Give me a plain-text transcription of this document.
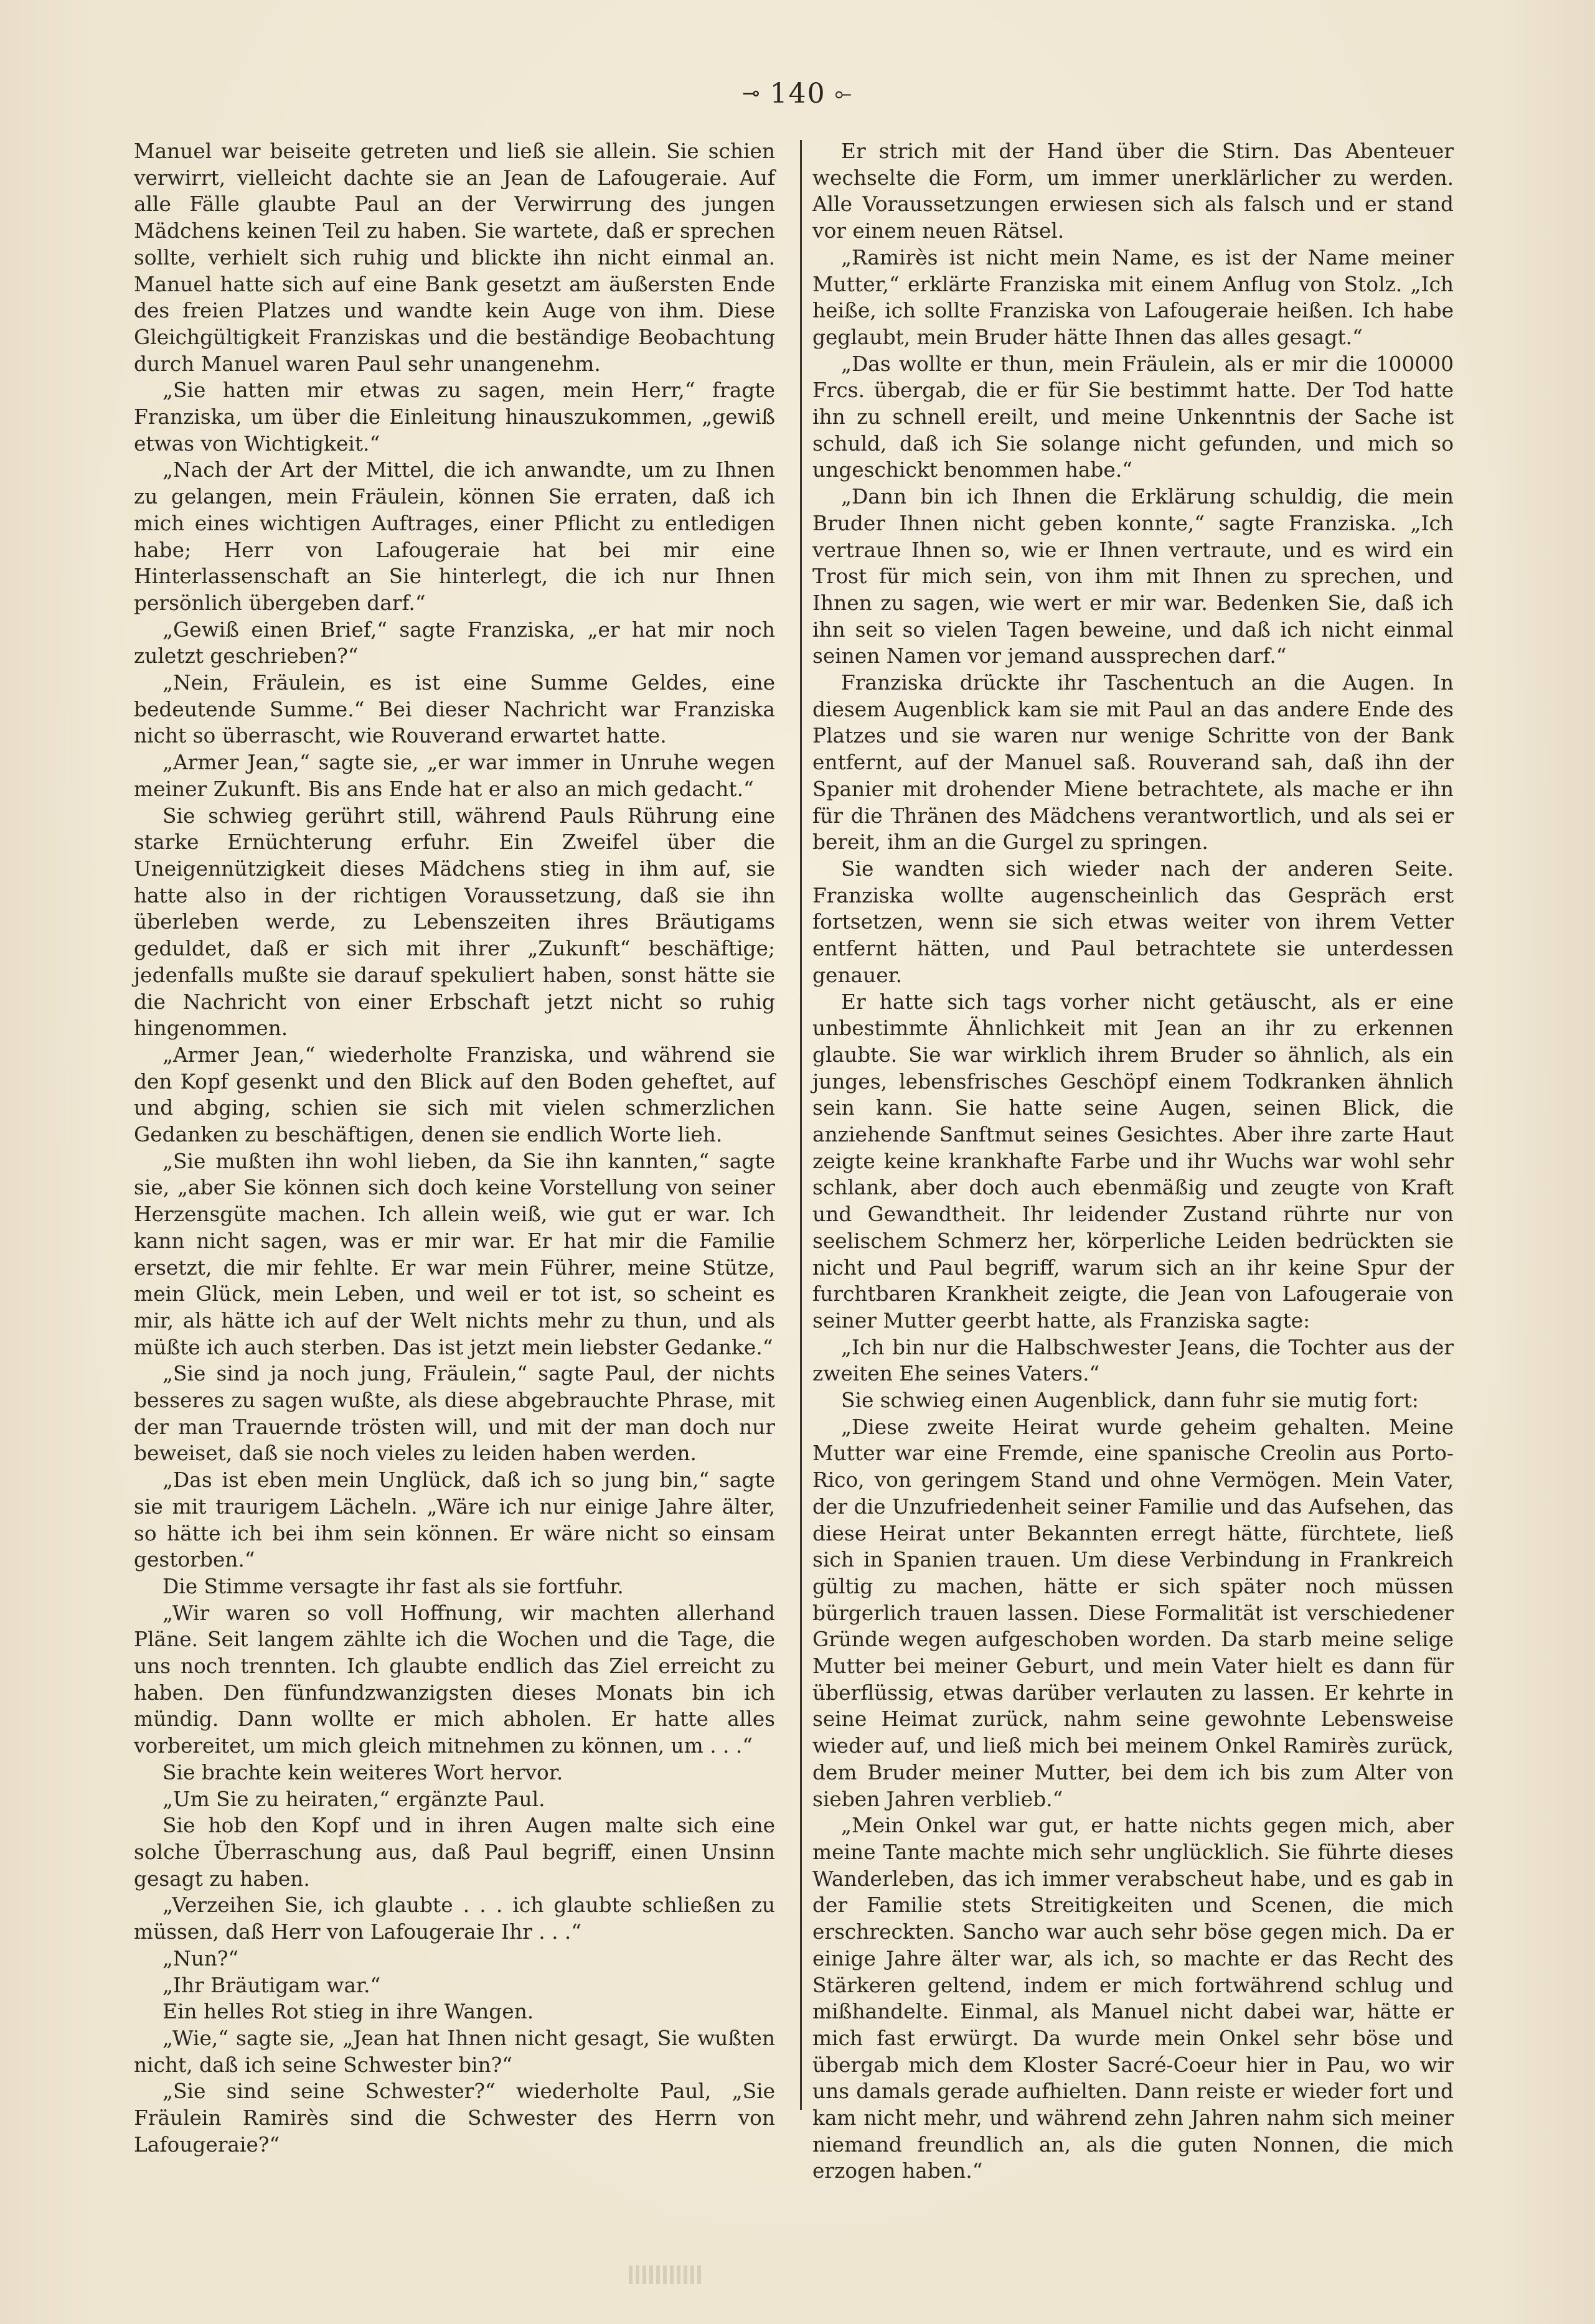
⊸ 140 ⟜

Manuel war beiseite getreten und ließ sie allein. Sie schien verwirrt, vielleicht dachte sie an Jean de Lafougeraie. Auf alle Fälle glaubte Paul an der Verwirrung des jungen Mädchens keinen Teil zu haben. Sie wartete, daß er sprechen sollte, verhielt sich ruhig und blickte ihn nicht einmal an. Manuel hatte sich auf eine Bank gesetzt am äußersten Ende des freien Platzes und wandte kein Auge von ihm. Diese Gleichgültigkeit Franziskas und die beständige Beobachtung durch Manuel waren Paul sehr unangenehm.

„Sie hatten mir etwas zu sagen, mein Herr,“ fragte Franziska, um über die Einleitung hinauszukommen, „gewiß etwas von Wichtigkeit.“

„Nach der Art der Mittel, die ich anwandte, um zu Ihnen zu gelangen, mein Fräulein, können Sie erraten, daß ich mich eines wichtigen Auftrages, einer Pflicht zu entledigen habe; Herr von Lafougeraie hat bei mir eine Hinterlassenschaft an Sie hinterlegt, die ich nur Ihnen persönlich übergeben darf.“

„Gewiß einen Brief,“ sagte Franziska, „er hat mir noch zuletzt geschrieben?“

„Nein, Fräulein, es ist eine Summe Geldes, eine bedeutende Summe.“ Bei dieser Nachricht war Franziska nicht so überrascht, wie Rouverand erwartet hatte.

„Armer Jean,“ sagte sie, „er war immer in Unruhe wegen meiner Zukunft. Bis ans Ende hat er also an mich gedacht.“

Sie schwieg gerührt still, während Pauls Rührung eine starke Ernüchterung erfuhr. Ein Zweifel über die Uneigennützigkeit dieses Mädchens stieg in ihm auf, sie hatte also in der richtigen Voraussetzung, daß sie ihn überleben werde, zu Lebenszeiten ihres Bräutigams geduldet, daß er sich mit ihrer „Zukunft“ beschäftige; jedenfalls mußte sie darauf spekuliert haben, sonst hätte sie die Nachricht von einer Erbschaft jetzt nicht so ruhig hingenommen.

„Armer Jean,“ wiederholte Franziska, und während sie den Kopf gesenkt und den Blick auf den Boden geheftet, auf und abging, schien sie sich mit vielen schmerzlichen Gedanken zu beschäftigen, denen sie endlich Worte lieh.

„Sie mußten ihn wohl lieben, da Sie ihn kannten,“ sagte sie, „aber Sie können sich doch keine Vorstellung von seiner Herzensgüte machen. Ich allein weiß, wie gut er war. Ich kann nicht sagen, was er mir war. Er hat mir die Familie ersetzt, die mir fehlte. Er war mein Führer, meine Stütze, mein Glück, mein Leben, und weil er tot ist, so scheint es mir, als hätte ich auf der Welt nichts mehr zu thun, und als müßte ich auch sterben. Das ist jetzt mein liebster Gedanke.“

„Sie sind ja noch jung, Fräulein,“ sagte Paul, der nichts besseres zu sagen wußte, als diese abgebrauchte Phrase, mit der man Trauernde trösten will, und mit der man doch nur beweiset, daß sie noch vieles zu leiden haben werden.

„Das ist eben mein Unglück, daß ich so jung bin,“ sagte sie mit traurigem Lächeln. „Wäre ich nur einige Jahre älter, so hätte ich bei ihm sein können. Er wäre nicht so einsam gestorben.“

Die Stimme versagte ihr fast als sie fortfuhr.

„Wir waren so voll Hoffnung, wir machten allerhand Pläne. Seit langem zählte ich die Wochen und die Tage, die uns noch trennten. Ich glaubte endlich das Ziel erreicht zu haben. Den fünfundzwanzigsten dieses Monats bin ich mündig. Dann wollte er mich abholen. Er hatte alles vorbereitet, um mich gleich mitnehmen zu können, um . . .“

Sie brachte kein weiteres Wort hervor.

„Um Sie zu heiraten,“ ergänzte Paul.

Sie hob den Kopf und in ihren Augen malte sich eine solche Überraschung aus, daß Paul begriff, einen Unsinn gesagt zu haben.

„Verzeihen Sie, ich glaubte . . . ich glaubte schließen zu müssen, daß Herr von Lafougeraie Ihr . . .“

„Nun?“

„Ihr Bräutigam war.“

Ein helles Rot stieg in ihre Wangen.

„Wie,“ sagte sie, „Jean hat Ihnen nicht gesagt, Sie wußten nicht, daß ich seine Schwester bin?“

„Sie sind seine Schwester?“ wiederholte Paul, „Sie Fräulein Ramirès sind die Schwester des Herrn von Lafougeraie?“

Er strich mit der Hand über die Stirn. Das Abenteuer wechselte die Form, um immer unerklärlicher zu werden. Alle Voraussetzungen erwiesen sich als falsch und er stand vor einem neuen Rätsel.

„Ramirès ist nicht mein Name, es ist der Name meiner Mutter,“ erklärte Franziska mit einem Anflug von Stolz. „Ich heiße, ich sollte Franziska von Lafougeraie heißen. Ich habe geglaubt, mein Bruder hätte Ihnen das alles gesagt.“

„Das wollte er thun, mein Fräulein, als er mir die 100000 Frcs. übergab, die er für Sie bestimmt hatte. Der Tod hatte ihn zu schnell ereilt, und meine Unkenntnis der Sache ist schuld, daß ich Sie solange nicht gefunden, und mich so ungeschickt benommen habe.“

„Dann bin ich Ihnen die Erklärung schuldig, die mein Bruder Ihnen nicht geben konnte,“ sagte Franziska. „Ich vertraue Ihnen so, wie er Ihnen vertraute, und es wird ein Trost für mich sein, von ihm mit Ihnen zu sprechen, und Ihnen zu sagen, wie wert er mir war. Bedenken Sie, daß ich ihn seit so vielen Tagen beweine, und daß ich nicht einmal seinen Namen vor jemand aussprechen darf.“

Franziska drückte ihr Taschentuch an die Augen. In diesem Augenblick kam sie mit Paul an das andere Ende des Platzes und sie waren nur wenige Schritte von der Bank entfernt, auf der Manuel saß. Rouverand sah, daß ihn der Spanier mit drohender Miene betrachtete, als mache er ihn für die Thränen des Mädchens verantwortlich, und als sei er bereit, ihm an die Gurgel zu springen.

Sie wandten sich wieder nach der anderen Seite. Franziska wollte augenscheinlich das Gespräch erst fortsetzen, wenn sie sich etwas weiter von ihrem Vetter entfernt hätten, und Paul betrachtete sie unterdessen genauer.

Er hatte sich tags vorher nicht getäuscht, als er eine unbestimmte Ähnlichkeit mit Jean an ihr zu erkennen glaubte. Sie war wirklich ihrem Bruder so ähnlich, als ein junges, lebensfrisches Geschöpf einem Todkranken ähnlich sein kann. Sie hatte seine Augen, seinen Blick, die anziehende Sanftmut seines Gesichtes. Aber ihre zarte Haut zeigte keine krankhafte Farbe und ihr Wuchs war wohl sehr schlank, aber doch auch ebenmäßig und zeugte von Kraft und Gewandtheit. Ihr leidender Zustand rührte nur von seelischem Schmerz her, körperliche Leiden bedrückten sie nicht und Paul begriff, warum sich an ihr keine Spur der furchtbaren Krankheit zeigte, die Jean von Lafougeraie von seiner Mutter geerbt hatte, als Franziska sagte:

„Ich bin nur die Halbschwester Jeans, die Tochter aus der zweiten Ehe seines Vaters.“

Sie schwieg einen Augenblick, dann fuhr sie mutig fort:

„Diese zweite Heirat wurde geheim gehalten. Meine Mutter war eine Fremde, eine spanische Creolin aus Porto-Rico, von geringem Stand und ohne Vermögen. Mein Vater, der die Unzufriedenheit seiner Familie und das Aufsehen, das diese Heirat unter Bekannten erregt hätte, fürchtete, ließ sich in Spanien trauen. Um diese Verbindung in Frankreich gültig zu machen, hätte er sich später noch müssen bürgerlich trauen lassen. Diese Formalität ist verschiedener Gründe wegen aufgeschoben worden. Da starb meine selige Mutter bei meiner Geburt, und mein Vater hielt es dann für überflüssig, etwas darüber verlauten zu lassen. Er kehrte in seine Heimat zurück, nahm seine gewohnte Lebensweise wieder auf, und ließ mich bei meinem Onkel Ramirès zurück, dem Bruder meiner Mutter, bei dem ich bis zum Alter von sieben Jahren verblieb.“

„Mein Onkel war gut, er hatte nichts gegen mich, aber meine Tante machte mich sehr unglücklich. Sie führte dieses Wanderleben, das ich immer verabscheut habe, und es gab in der Familie stets Streitigkeiten und Scenen, die mich erschreckten. Sancho war auch sehr böse gegen mich. Da er einige Jahre älter war, als ich, so machte er das Recht des Stärkeren geltend, indem er mich fortwährend schlug und mißhandelte. Einmal, als Manuel nicht dabei war, hätte er mich fast erwürgt. Da wurde mein Onkel sehr böse und übergab mich dem Kloster Sacré-Coeur hier in Pau, wo wir uns damals gerade aufhielten. Dann reiste er wieder fort und kam nicht mehr, und während zehn Jahren nahm sich meiner niemand freundlich an, als die guten Nonnen, die mich erzogen haben.“
